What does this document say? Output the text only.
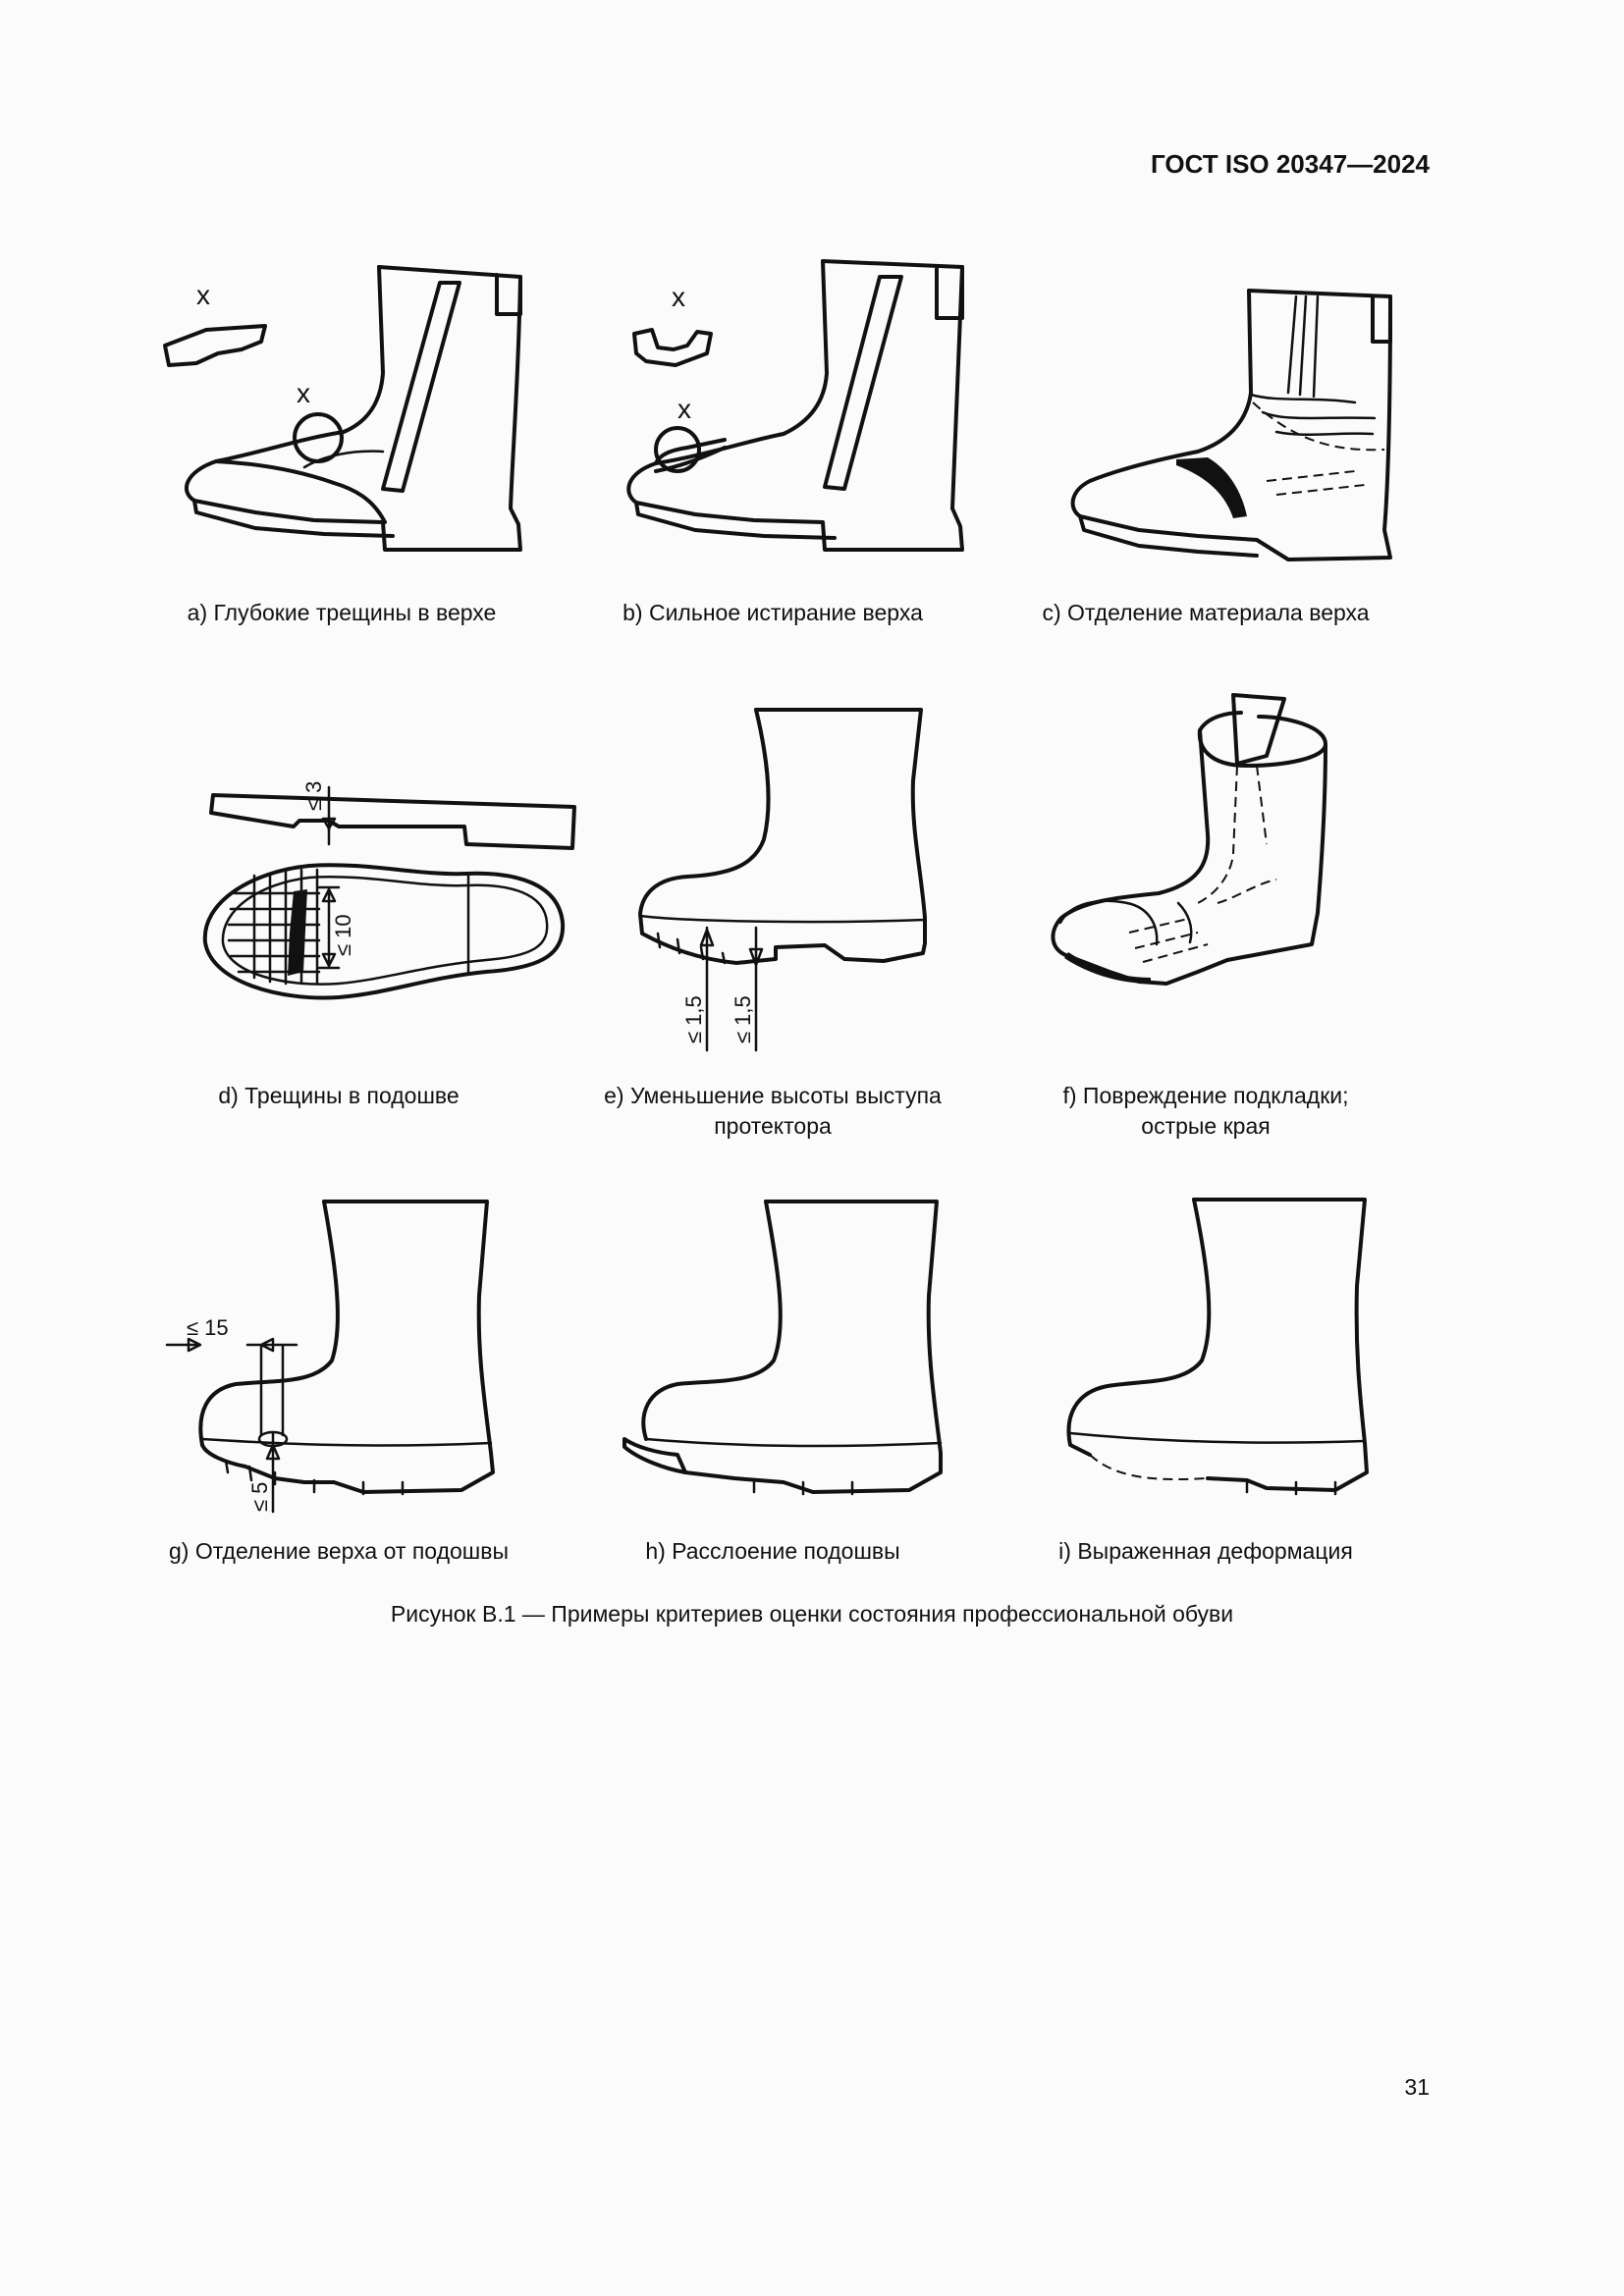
ГОСТ ISO 20347—2024
x
x
a) Глубокие трещины в верхе
x
x
b) Сильное истирание верха	c) Отделение материала верха
≤ 3
≤ 10
d) Трещины в подошве
≤ 1,5 ≤ 1,5
e) Уменьшение высоты выступа
протектора
f) Повреждение подкладки;
острые края
≤ 15
≤ 5
g) Отделение верха от подошвы	h) Расслоение подошвы	i) Выраженная деформация
Рисунок В.1 — Примеры критериев оценки состояния профессиональной обуви
31
